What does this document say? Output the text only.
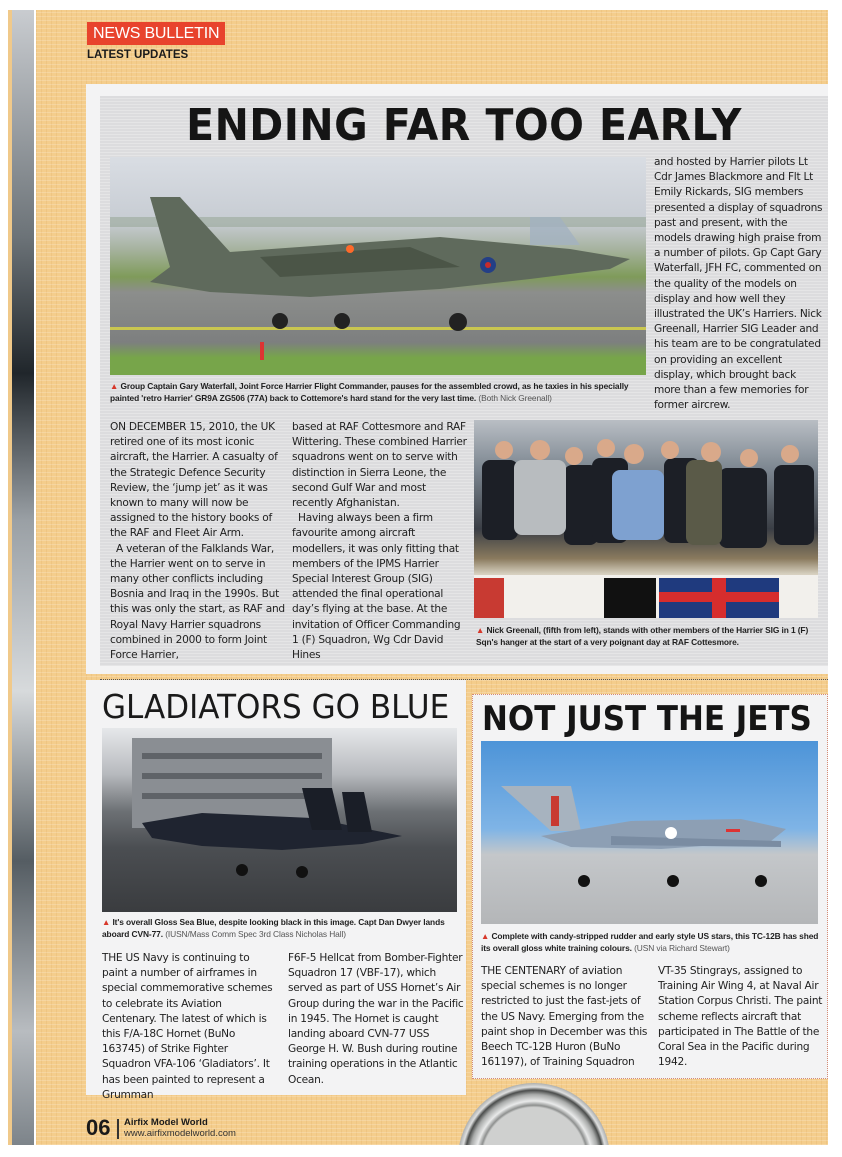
NEWS BULLETIN
LATEST UPDATES
ENDING FAR TOO EARLY
▲ Group Captain Gary Waterfall, Joint Force Harrier Flight Commander, pauses for the assembled crowd, as he taxies in his specially painted 'retro Harrier' GR9A ZG506 (77A) back to Cottemore's hard stand for the very last time. (Both Nick Greenall)

and hosted by Harrier pilots Lt Cdr James Blackmore and Flt Lt Emily Rickards, SIG members presented a display of squadrons past and present, with the models drawing high praise from a number of pilots. Gp Capt Gary Waterfall, JFH FC, commented on the quality of the models on display and how well they illustrated the UK’s Harriers. Nick Greenall, Harrier SIG Leader and his team are to be congratulated on providing an excellent display, which brought back more than a few memories for former aircrew.

ON DECEMBER 15, 2010, the UK retired one of its most iconic aircraft, the Harrier. A casualty of the Strategic Defence Security Review, the ‘jump jet’ as it was known to many will now be assigned to the history books of the RAF and Fleet Air Arm.

A veteran of the Falklands War, the Harrier went on to serve in many other conflicts including Bosnia and Iraq in the 1990s. But this was only the start, as RAF and Royal Navy Harrier squadrons combined in 2000 to form Joint Force Harrier,

based at RAF Cottesmore and RAF Wittering. These combined Harrier squadrons went on to serve with distinction in Sierra Leone, the second Gulf War and most recently Afghanistan.

Having always been a firm favourite among aircraft modellers, it was only fitting that members of the IPMS Harrier Special Interest Group (SIG) attended the final operational day’s flying at the base. At the invitation of Officer Commanding 1 (F) Squadron, Wg Cdr David Hines

▲ Nick Greenall, (fifth from left), stands with other members of the Harrier SIG in 1 (F) Sqn's hanger at the start of a very poignant day at RAF Cottesmore.
GLADIATORS GO BLUE
▲ It's overall Gloss Sea Blue, despite looking black in this image. Capt Dan Dwyer lands aboard CVN-77. (IUSN/Mass Comm Spec 3rd Class Nicholas Hall)

THE US Navy is continuing to paint a number of airframes in special commemorative schemes to celebrate its Aviation Centenary. The latest of which is this F/A-18C Hornet (BuNo 163745) of Strike Fighter Squadron VFA-106 ‘Gladiators’. It has been painted to represent a Grumman

F6F-5 Hellcat from Bomber-Fighter Squadron 17 (VBF-17), which served as part of USS Hornet’s Air Group during the war in the Pacific in 1945. The Hornet is caught landing aboard CVN-77 USS George H. W. Bush during routine training operations in the Atlantic Ocean.

NOT JUST THE JETS
▲ Complete with candy-stripped rudder and early style US stars, this TC-12B has shed its overall gloss white training colours. (USN via Richard Stewart)

THE CENTENARY of aviation special schemes is no longer restricted to just the fast-jets of the US Navy. Emerging from the paint shop in December was this Beech TC-12B Huron (BuNo 161197), of Training Squadron

VT-35 Stingrays, assigned to Training Air Wing 4, at Naval Air Station Corpus Christi. The paint scheme reflects aircraft that participated in The Battle of the Coral Sea in the Pacific during 1942.

06 Airfix Model World
www.airfixmodelworld.com
